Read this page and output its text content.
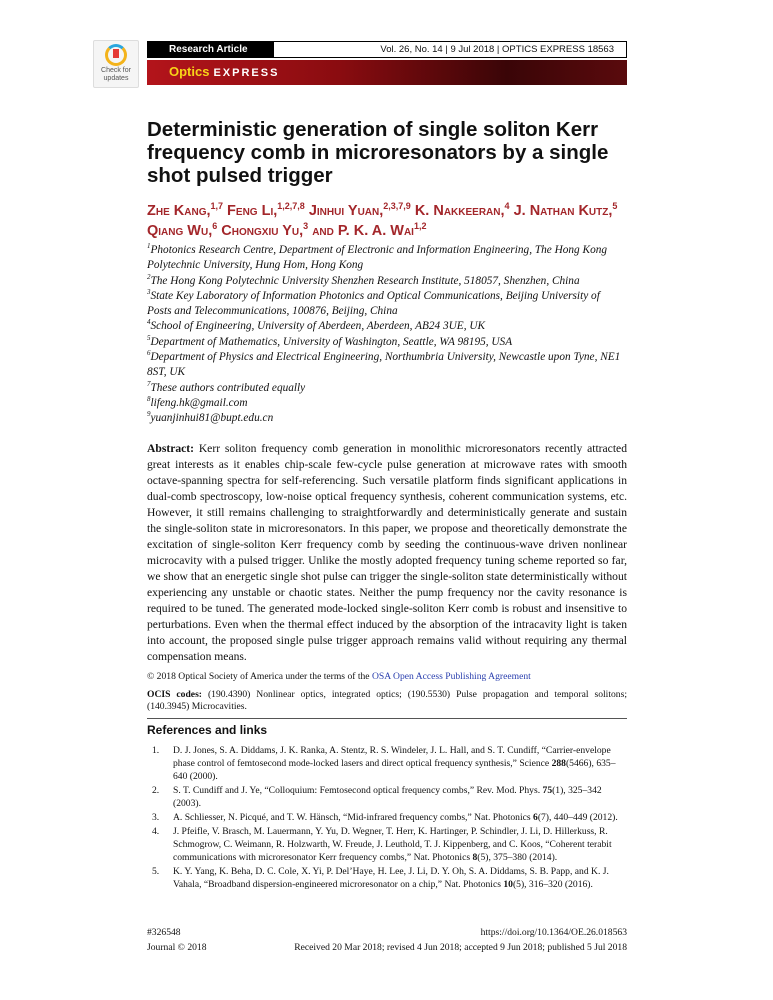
Check for updates
Research Article	Vol. 26, No. 14 | 9 Jul 2018 | OPTICS EXPRESS 18563
Optics EXPRESS
Deterministic generation of single soliton Kerr frequency comb in microresonators by a single shot pulsed trigger
Zhe Kang,$^{1,7}$ Feng Li,$^{1,2,7,8}$ Jinhui Yuan,$^{2,3,7,9}$ K. Nakkeeran,$^4$ J. Nathan Kutz,$^5$ Qiang Wu,$^6$ Chongxiu Yu,$^3$ and P. K. A. Wai$^{1,2}$
$^1$Photonics Research Centre, Department of Electronic and Information Engineering, The Hong Kong Polytechnic University, Hung Hom, Hong Kong
$^2$The Hong Kong Polytechnic University Shenzhen Research Institute, 518057, Shenzhen, China
$^3$State Key Laboratory of Information Photonics and Optical Communications, Beijing University of Posts and Telecommunications, 100876, Beijing, China
$^4$School of Engineering, University of Aberdeen, Aberdeen, AB24 3UE, UK
$^5$Department of Mathematics, University of Washington, Seattle, WA 98195, USA
$^6$Department of Physics and Electrical Engineering, Northumbria University, Newcastle upon Tyne, NE1 8ST, UK
$^7$These authors contributed equally
$^8$lifeng.hk@gmail.com
$^9$yuanjinhui81@bupt.edu.cn
Abstract: Kerr soliton frequency comb generation in monolithic microresonators recently attracted great interests as it enables chip-scale few-cycle pulse generation at microwave rates with smooth octave-spanning spectra for self-referencing. Such versatile platform finds significant applications in dual-comb spectroscopy, low-noise optical frequency synthesis, coherent communication systems, etc. However, it still remains challenging to straightforwardly and deterministically generate and sustain the single-soliton state in microresonators. In this paper, we propose and theoretically demonstrate the excitation of single-soliton Kerr frequency comb by seeding the continuous-wave driven nonlinear microcavity with a pulsed trigger. Unlike the mostly adopted frequency tuning scheme reported so far, we show that an energetic single shot pulse can trigger the single-soliton state deterministically without experiencing any unstable or chaotic states. Neither the pump frequency nor the cavity resonance is required to be tuned. The generated mode-locked single-soliton Kerr comb is robust and insensitive to perturbations. Even when the thermal effect induced by the absorption of the intracavity light is taken into account, the proposed single pulse trigger approach remains valid without requiring any thermal compensation means.
© 2018 Optical Society of America under the terms of the OSA Open Access Publishing Agreement
OCIS codes: (190.4390) Nonlinear optics, integrated optics; (190.5530) Pulse propagation and temporal solitons; (140.3945) Microcavities.
References and links
1. D. J. Jones, S. A. Diddams, J. K. Ranka, A. Stentz, R. S. Windeler, J. L. Hall, and S. T. Cundiff, “Carrier-envelope phase control of femtosecond mode-locked lasers and direct optical frequency synthesis,” Science 288(5466), 635–640 (2000).
2. S. T. Cundiff and J. Ye, “Colloquium: Femtosecond optical frequency combs,” Rev. Mod. Phys. 75(1), 325–342 (2003).
3. A. Schliesser, N. Picqué, and T. W. Hänsch, “Mid-infrared frequency combs,” Nat. Photonics 6(7), 440–449 (2012).
4. J. Pfeifle, V. Brasch, M. Lauermann, Y. Yu, D. Wegner, T. Herr, K. Hartinger, P. Schindler, J. Li, D. Hillerkuss, R. Schmogrow, C. Weimann, R. Holzwarth, W. Freude, J. Leuthold, T. J. Kippenberg, and C. Koos, “Coherent terabit communications with microresonator Kerr frequency combs,” Nat. Photonics 8(5), 375–380 (2014).
5. K. Y. Yang, K. Beha, D. C. Cole, X. Yi, P. Del’Haye, H. Lee, J. Li, D. Y. Oh, S. A. Diddams, S. B. Papp, and K. J. Vahala, “Broadband dispersion-engineered microresonator on a chip,” Nat. Photonics 10(5), 316–320 (2016).
#326548
Journal © 2018
https://doi.org/10.1364/OE.26.018563
Received 20 Mar 2018; revised 4 Jun 2018; accepted 9 Jun 2018; published 5 Jul 2018
